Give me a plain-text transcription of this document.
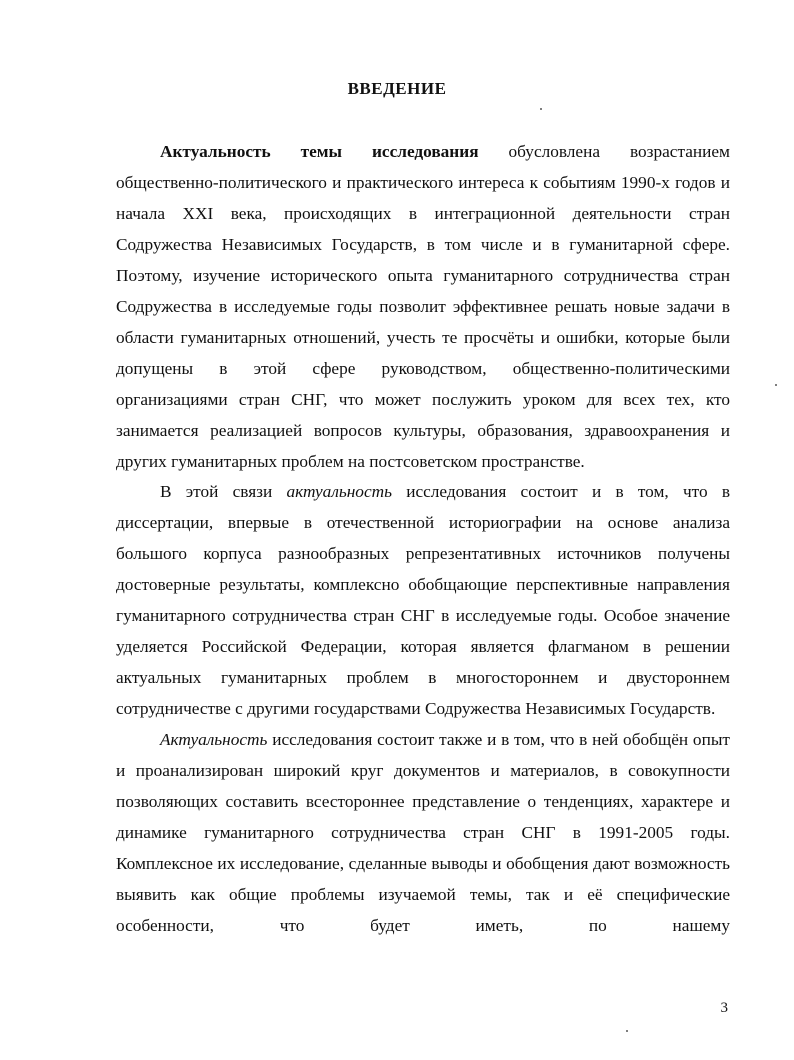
ВВЕДЕНИЕ

Актуальность темы исследования обусловлена возрастанием общественно-политического и практического интереса к событиям 1990-х годов и начала XXI века, происходящих в интеграционной деятельности стран Содружества Независимых Государств, в том числе и в гуманитарной сфере. Поэтому, изучение исторического опыта гуманитарного сотрудничества стран Содружества в исследуемые годы позволит эффективнее решать новые задачи в области гуманитарных отношений, учесть те просчёты и ошибки, которые были допущены в этой сфере руководством, общественно-политическими организациями стран СНГ, что может послужить уроком для всех тех, кто занимается реализацией вопросов культуры, образования, здравоохранения и других гуманитарных проблем на постсоветском пространстве.

В этой связи актуальность исследования состоит и в том, что в диссертации, впервые в отечественной историографии на основе анализа большого корпуса разнообразных репрезентативных источников получены достоверные результаты, комплексно обобщающие перспективные направления гуманитарного сотрудничества стран СНГ в исследуемые годы. Особое значение уделяется Российской Федерации, которая является флагманом в решении актуальных гуманитарных проблем в многостороннем и двустороннем сотрудничестве с другими государствами Содружества Независимых Государств.

Актуальность исследования состоит также и в том, что в ней обобщён опыт и проанализирован широкий круг документов и материалов, в совокупности позволяющих составить всестороннее представление о тенденциях, характере и динамике гуманитарного сотрудничества стран СНГ в 1991-2005 годы. Комплексное их исследование, сделанные выводы и обобщения дают возможность выявить как общие проблемы изучаемой темы, так и её специфические особенности, что будет иметь, по нашему

3
